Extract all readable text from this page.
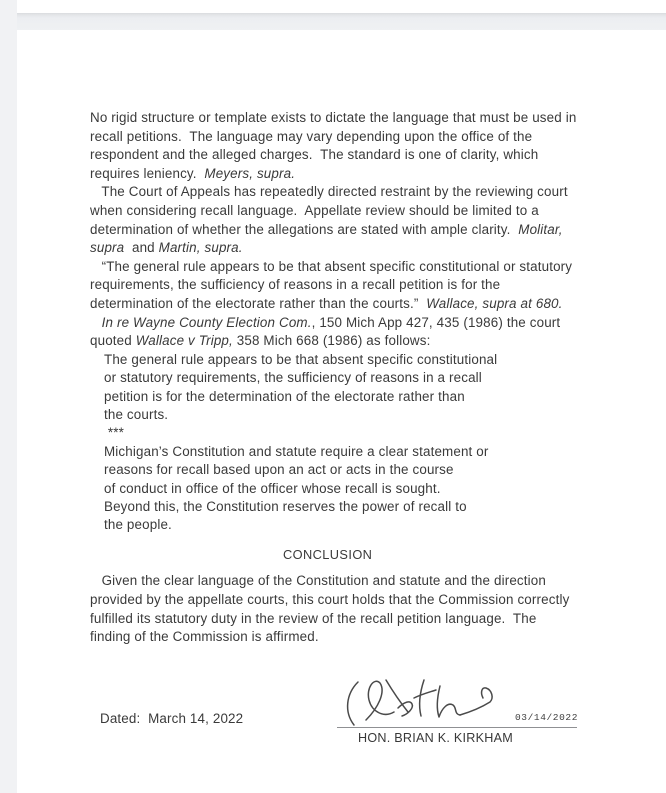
No rigid structure or template exists to dictate the language that must be used in
recall petitions.  The language may vary depending upon the office of the
respondent and the alleged charges.  The standard is one of clarity, which
requires leniency.  Meyers, supra.
The Court of Appeals has repeatedly directed restraint by the reviewing court
when considering recall language.  Appellate review should be limited to a
determination of whether the allegations are stated with ample clarity.  Molitar,
supra  and Martin, supra.
“The general rule appears to be that absent specific constitutional or statutory
requirements, the sufficiency of reasons in a recall petition is for the
determination of the electorate rather than the courts.”  Wallace, supra at 680.
In re Wayne County Election Com., 150 Mich App 427, 435 (1986) the court
quoted Wallace v Tripp, 358 Mich 668 (1986) as follows:
The general rule appears to be that absent specific constitutional
or statutory requirements, the sufficiency of reasons in a recall
petition is for the determination of the electorate rather than
the courts.
***
Michigan’s Constitution and statute require a clear statement or
reasons for recall based upon an act or acts in the course
of conduct in office of the officer whose recall is sought.
Beyond this, the Constitution reserves the power of recall to
the people.
CONCLUSION
Given the clear language of the Constitution and statute and the direction
provided by the appellate courts, this court holds that the Commission correctly
fulfilled its statutory duty in the review of the recall petition language.  The
finding of the Commission is affirmed.
Dated:  March 14, 2022	03/14/2022
HON. BRIAN K. KIRKHAM
